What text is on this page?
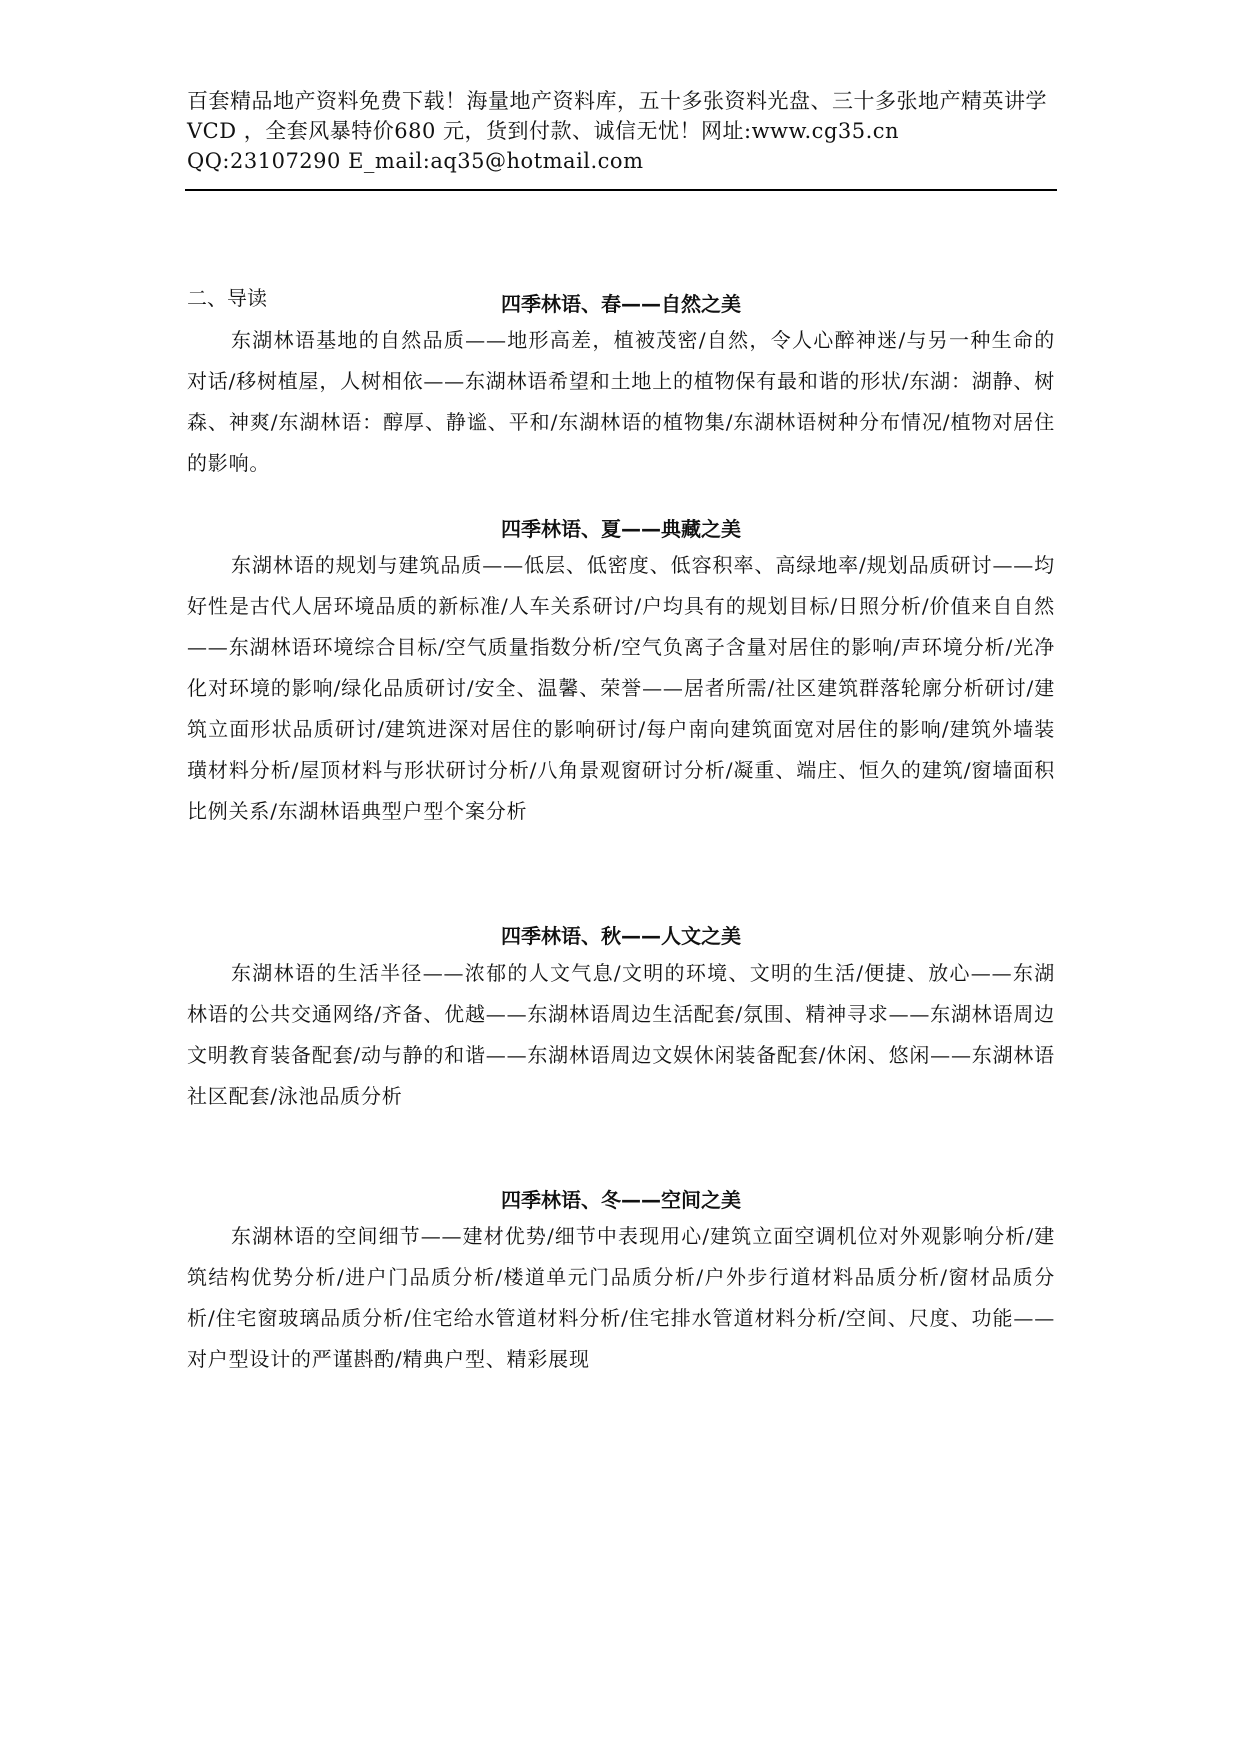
百套精品地产资料免费下载！海量地产资料库，五十多张资料光盘、三十多张地产精英讲学VCD ，全套风暴特价680 元，货到付款、诚信无忧！网址:www.cg35.cn QQ:23107290 E_mail:aq35@hotmail.com
二、导读	四季林语、春——自然之美
东湖林语基地的自然品质——地形高差，植被茂密/自然，令人心醉神迷/与另一种生命的对话/移树植屋，人树相依——东湖林语希望和土地上的植物保有最和谐的形状/东湖：湖静、树森、神爽/东湖林语：醇厚、静谧、平和/东湖林语的植物集/东湖林语树种分布情况/植物对居住的影响。
四季林语、夏——典藏之美
东湖林语的规划与建筑品质——低层、低密度、低容积率、高绿地率/规划品质研讨——均好性是古代人居环境品质的新标准/人车关系研讨/户均具有的规划目标/日照分析/价值来自自然——东湖林语环境综合目标/空气质量指数分析/空气负离子含量对居住的影响/声环境分析/光净化对环境的影响/绿化品质研讨/安全、温馨、荣誉——居者所需/社区建筑群落轮廓分析研讨/建筑立面形状品质研讨/建筑进深对居住的影响研讨/每户南向建筑面宽对居住的影响/建筑外墙装璜材料分析/屋顶材料与形状研讨分析/八角景观窗研讨分析/凝重、端庄、恒久的建筑/窗墙面积比例关系/东湖林语典型户型个案分析
四季林语、秋——人文之美
东湖林语的生活半径——浓郁的人文气息/文明的环境、文明的生活/便捷、放心——东湖林语的公共交通网络/齐备、优越——东湖林语周边生活配套/氛围、精神寻求——东湖林语周边文明教育装备配套/动与静的和谐——东湖林语周边文娱休闲装备配套/休闲、悠闲——东湖林语社区配套/泳池品质分析
四季林语、冬——空间之美
东湖林语的空间细节——建材优势/细节中表现用心/建筑立面空调机位对外观影响分析/建筑结构优势分析/进户门品质分析/楼道单元门品质分析/户外步行道材料品质分析/窗材品质分析/住宅窗玻璃品质分析/住宅给水管道材料分析/住宅排水管道材料分析/空间、尺度、功能——对户型设计的严谨斟酌/精典户型、精彩展现
